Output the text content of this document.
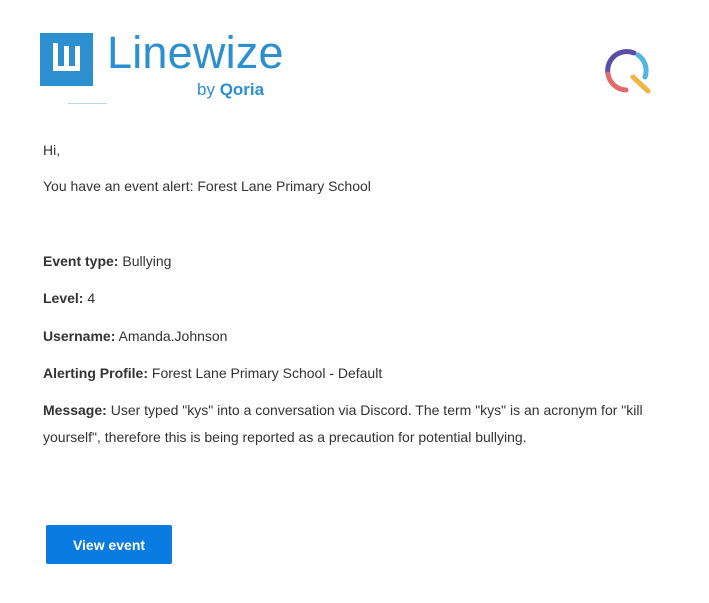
Linewize
by Qoria
Hi,
You have an event alert: Forest Lane Primary School
Event type: Bullying
Level: 4
Username: Amanda.Johnson
Alerting Profile: Forest Lane Primary School - Default
Message: User typed "kys" into a conversation via Discord. The term "kys" is an acronym for "kill yourself", therefore this is being reported as a precaution for potential bullying.
View event
